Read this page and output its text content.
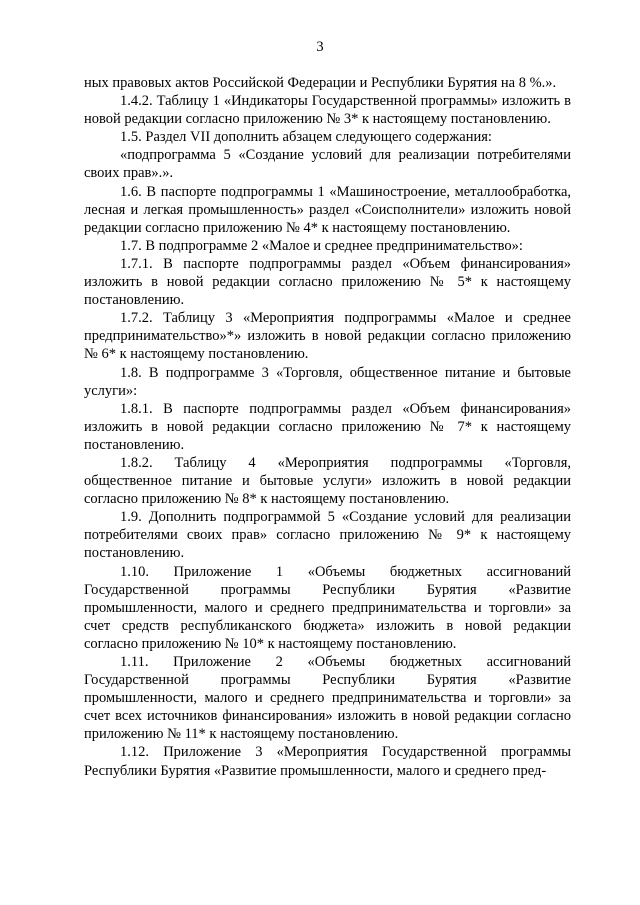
3

ных правовых актов Российской Федерации и Республики Бурятия на 8 %.».

1.4.2. Таблицу 1 «Индикаторы Государственной программы» изложить в новой редакции согласно приложению № 3* к настоящему постановлению.

1.5. Раздел VII дополнить абзацем следующего содержания:

«подпрограмма 5 «Создание условий для реализации потребителями своих прав».».

1.6. В паспорте подпрограммы 1 «Машиностроение, металлообработка, лесная и легкая промышленность» раздел «Соисполнители» изложить новой редакции согласно приложению № 4* к настоящему постановлению.

1.7. В подпрограмме 2 «Малое и среднее предпринимательство»:

1.7.1. В паспорте подпрограммы раздел «Объем финансирования» изложить в новой редакции согласно приложению № 5* к настоящему постановлению.

1.7.2. Таблицу 3 «Мероприятия подпрограммы «Малое и среднее предпринимательство»*» изложить в новой редакции согласно приложению № 6* к настоящему постановлению.

1.8. В подпрограмме 3 «Торговля, общественное питание и бытовые услуги»:

1.8.1. В паспорте подпрограммы раздел «Объем финансирования» изложить в новой редакции согласно приложению № 7* к настоящему постановлению.

1.8.2. Таблицу 4 «Мероприятия подпрограммы «Торговля, общественное питание и бытовые услуги» изложить в новой редакции согласно приложению № 8* к настоящему постановлению.

1.9. Дополнить подпрограммой 5 «Создание условий для реализации потребителями своих прав» согласно приложению № 9* к настоящему постановлению.

1.10. Приложение 1 «Объемы бюджетных ассигнований Государственной программы Республики Бурятия «Развитие промышленности, малого и среднего предпринимательства и торговли» за счет средств республиканского бюджета» изложить в новой редакции согласно приложению № 10* к настоящему постановлению.

1.11. Приложение 2 «Объемы бюджетных ассигнований Государственной программы Республики Бурятия «Развитие промышленности, малого и среднего предпринимательства и торговли» за счет всех источников финансирования» изложить в новой редакции согласно приложению № 11* к настоящему постановлению.

1.12. Приложение 3 «Мероприятия Государственной программы Республики Бурятия «Развитие промышленности, малого и среднего пред-
